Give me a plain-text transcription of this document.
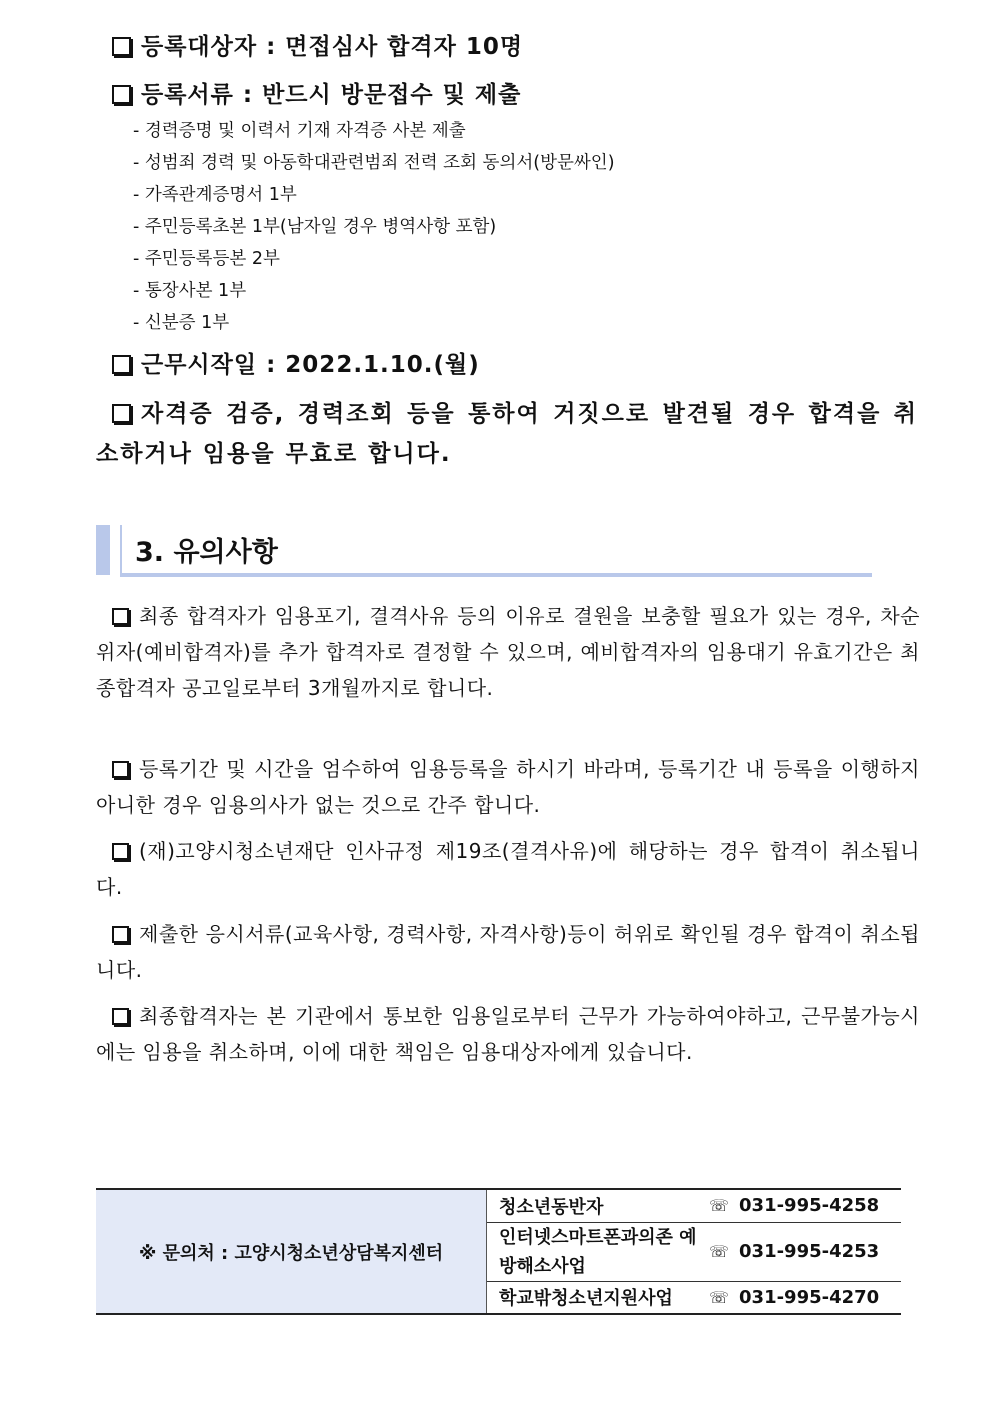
등록대상자 : 면접심사 합격자 10명
등록서류 : 반드시 방문접수 및 제출
- 경력증명 및 이력서 기재 자격증 사본 제출
- 성범죄 경력 및 아동학대관련범죄 전력 조회 동의서(방문싸인)
- 가족관계증명서 1부
- 주민등록초본 1부(남자일 경우 병역사항 포함)
- 주민등록등본 2부
- 통장사본 1부
- 신분증 1부
근무시작일 : 2022.1.10.(월)
자격증 검증, 경력조회 등을 통하여 거짓으로 발견될 경우 합격을 취소하거나 임용을 무효로 합니다.
3. 유의사항
최종 합격자가 임용포기, 결격사유 등의 이유로 결원을 보충할 필요가 있는 경우, 차순위자(예비합격자)를 추가 합격자로 결정할 수 있으며, 예비합격자의 임용대기 유효기간은 최종합격자 공고일로부터 3개월까지로 합니다.
등록기간 및 시간을 엄수하여 임용등록을 하시기 바라며, 등록기간 내 등록을 이행하지 아니한 경우 임용의사가 없는 것으로 간주 합니다.
(재)고양시청소년재단 인사규정 제19조(결격사유)에 해당하는 경우 합격이 취소됩니다.
제출한 응시서류(교육사항, 경력사항, 자격사항)등이 허위로 확인될 경우 합격이 취소됩니다.
최종합격자는 본 기관에서 통보한 임용일로부터 근무가 가능하여야하고, 근무불가능시에는 임용을 취소하며, 이에 대한 책임은 임용대상자에게 있습니다.
※ 문의처 : 고양시청소년상담복지센터	청소년동반자	☏ 031-995-4258
	인터넷스마트폰과의존 예방해소사업	☏ 031-995-4253
	학교밖청소년지원사업	☏ 031-995-4270
